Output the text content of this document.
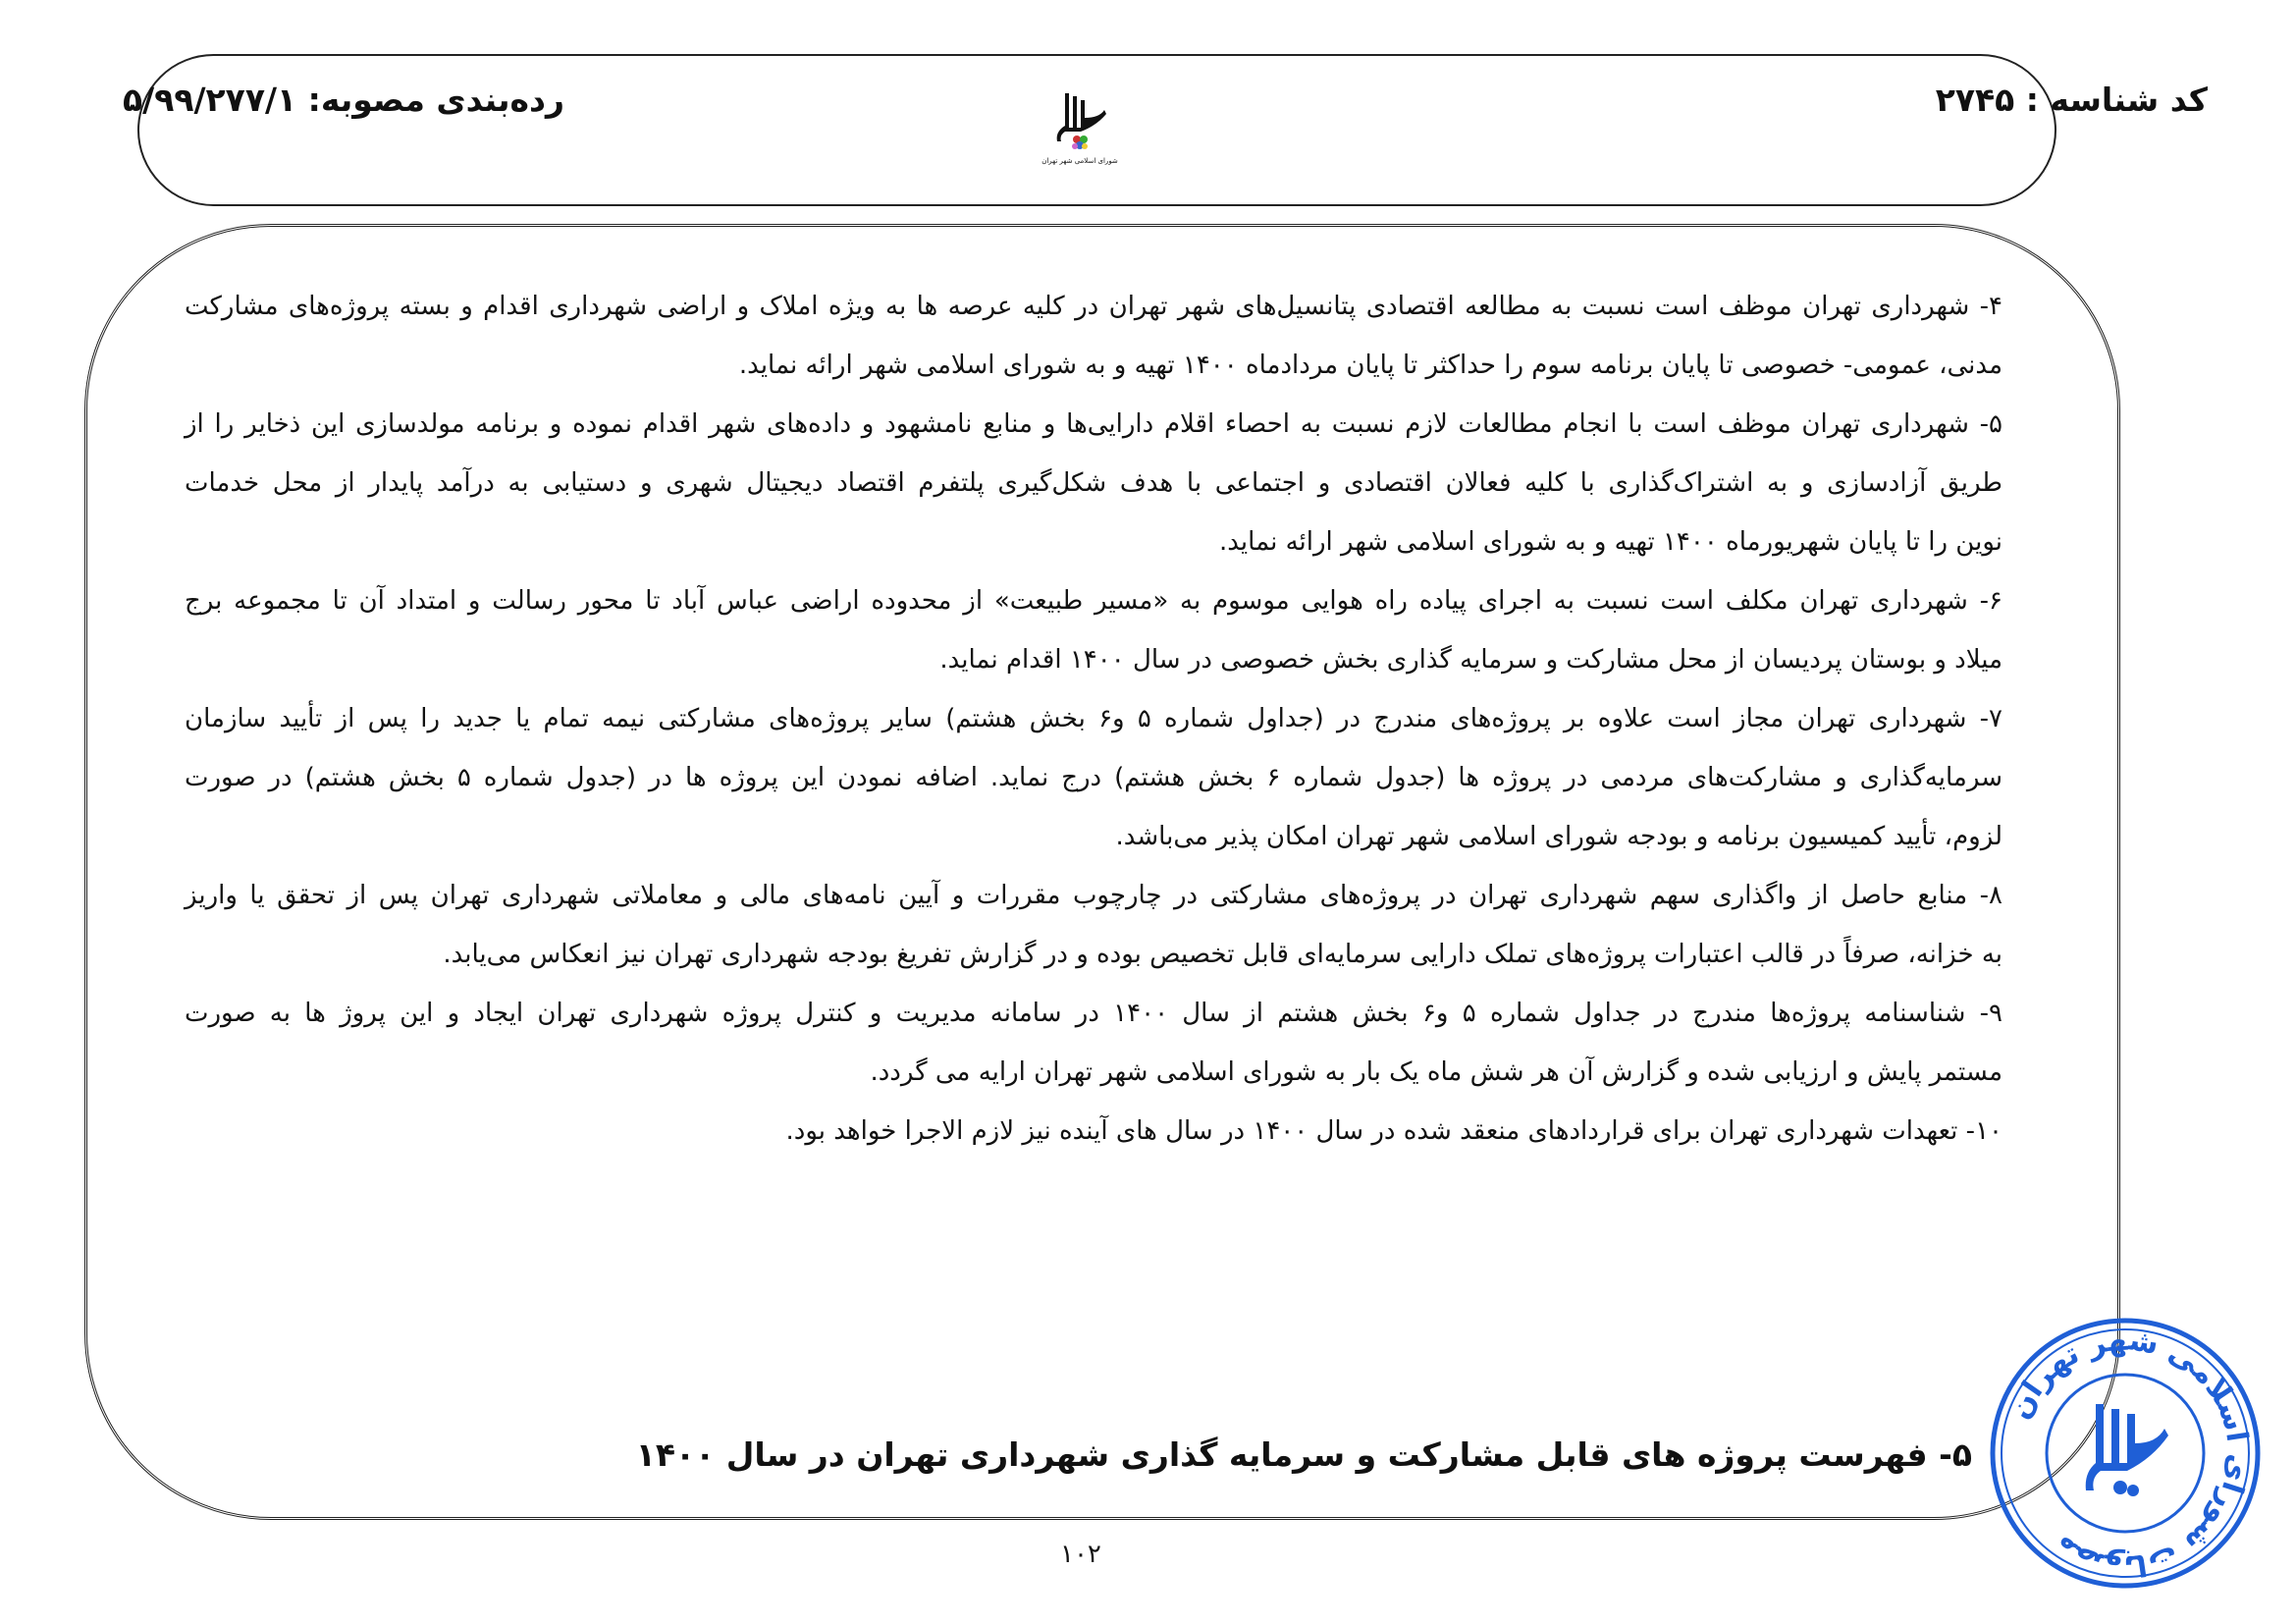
کد شناسه : ۲۷۴۵
رده‌بندی مصوبه: ۵/۹۹/۲۷۷/۱
شورای اسلامی شهر تهران
۴- شهرداری تهران موظف است نسبت به مطالعه اقتصادی پتانسیل‌های شهر تهران در کلیه عرصه ها به ویژه املاک و اراضی شهرداری اقدام و بسته پروژه‌های مشارکت
مدنی، عمومی- خصوصی تا پایان برنامه سوم را حداکثر تا پایان مردادماه ۱۴۰۰ تهیه و به شورای اسلامی شهر ارائه نماید.
۵- شهرداری تهران موظف است با انجام مطالعات لازم نسبت به احصاء اقلام دارایی‌ها و منابع نامشهود و داده‌های شهر اقدام نموده و برنامه مولدسازی این ذخایر را از
طریق آزادسازی و به اشتراک‌گذاری با کلیه فعالان اقتصادی و اجتماعی با هدف شکل‌گیری پلتفرم اقتصاد دیجیتال شهری و دستیابی به درآمد پایدار از محل خدمات
نوین را تا پایان شهریورماه ۱۴۰۰ تهیه و به شورای اسلامی شهر ارائه نماید.
۶- شهرداری تهران مکلف است نسبت به اجرای پیاده راه هوایی موسوم به «مسیر طبیعت» از محدوده اراضی عباس آباد تا محور رسالت و امتداد آن تا مجموعه برج
میلاد و بوستان پردیسان از محل مشارکت و سرمایه گذاری بخش خصوصی در سال ۱۴۰۰ اقدام نماید.
۷- شهرداری تهران مجاز است علاوه بر پروژه‌های مندرج در (جداول شماره ۵ و۶ بخش هشتم) سایر پروژه‌های مشارکتی نیمه تمام یا جدید را پس از تأیید سازمان
سرمایه‌گذاری و مشارکت‌های مردمی در پروژه ها (جدول شماره ۶ بخش هشتم) درج نماید. اضافه نمودن این پروژه ها در (جدول شماره ۵ بخش هشتم) در صورت
لزوم، تأیید کمیسیون برنامه و بودجه شورای اسلامی شهر تهران امکان پذیر می‌باشد.
۸- منابع حاصل از واگذاری سهم شهرداری تهران در پروژه‌های مشارکتی در چارچوب مقررات و آیین نامه‌های مالی و معاملاتی شهرداری تهران پس از تحقق یا واریز
به خزانه، صرفاً در قالب اعتبارات پروژه‌های تملک دارایی سرمایه‌ای قابل تخصیص بوده و در گزارش تفریغ بودجه شهرداری تهران نیز انعکاس می‌یابد.
۹- شناسنامه پروژه‌ها مندرج در جداول شماره ۵ و۶ بخش هشتم از سال ۱۴۰۰ در سامانه مدیریت و کنترل پروژه شهرداری تهران ایجاد و این پروژ ها به صورت
مستمر پایش و ارزیابی شده و گزارش آن هر شش ماه یک بار به شورای اسلامی شهر تهران ارایه می گردد.
۱۰- تعهدات شهرداری تهران برای قراردادهای منعقد شده در سال ۱۴۰۰ در سال های آینده نیز لازم الاجرا خواهد بود.
۵- فهرست پروژه های قابل مشارکت و سرمایه گذاری شهرداری تهران در سال ۱۴۰۰
۱۰۲
مصوبات شورای اسلامی شهر تهران
